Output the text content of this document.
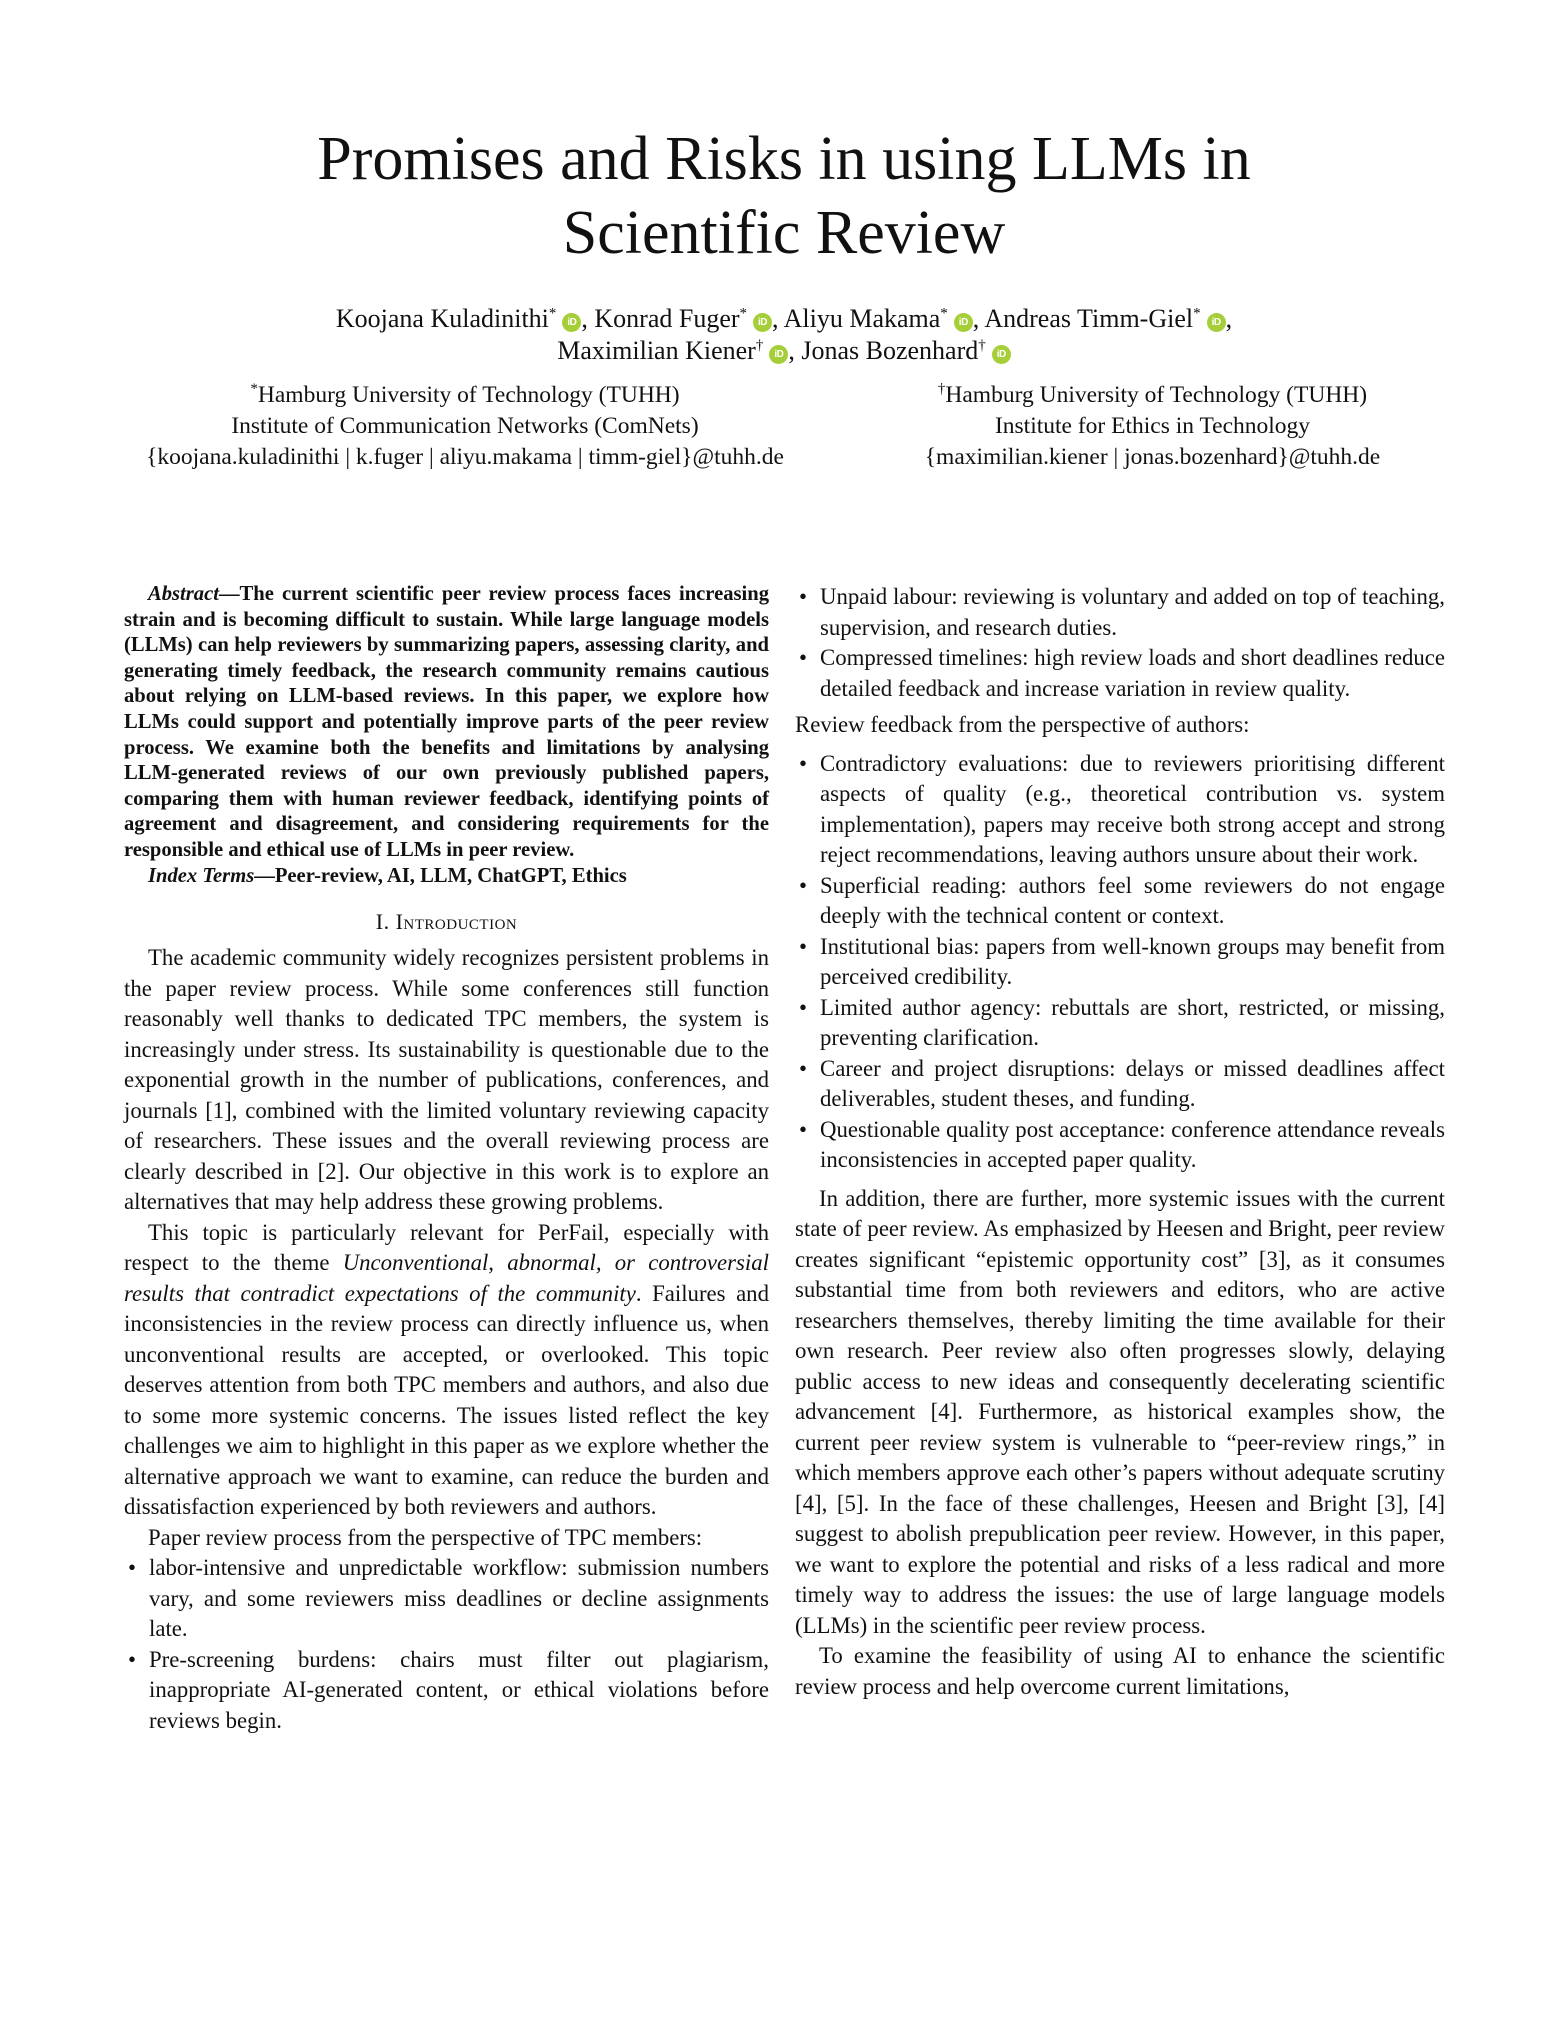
Promises and Risks in using LLMs in
Scientific Review
Koojana Kuladinithi*iD , Konrad Fuger*iD , Aliyu Makama*iD , Andreas Timm-Giel*iD ,
Maximilian Kiener†iD , Jonas Bozenhard†iD
*Hamburg University of Technology (TUHH)
Institute of Communication Networks (ComNets)
{koojana.kuladinithi | k.fuger | aliyu.makama | timm-giel}@tuhh.de
†Hamburg University of Technology (TUHH)
Institute for Ethics in Technology
{maximilian.kiener | jonas.bozenhard}@tuhh.de

Abstract—The current scientific peer review process faces increasing strain and is becoming difficult to sustain. While large language models (LLMs) can help reviewers by summarizing papers, assessing clarity, and generating timely feedback, the research community remains cautious about relying on LLM-based reviews. In this paper, we explore how LLMs could support and potentially improve parts of the peer review process. We examine both the benefits and limitations by analysing LLM-generated reviews of our own previously published papers, comparing them with human reviewer feedback, identifying points of agreement and disagreement, and considering requirements for the responsible and ethical use of LLMs in peer review.

Index Terms—Peer-review, AI, LLM, ChatGPT, Ethics

I. Introduction

The academic community widely recognizes persistent problems in the paper review process. While some conferences still function reasonably well thanks to dedicated TPC members, the system is increasingly under stress. Its sustainability is questionable due to the exponential growth in the number of publications, conferences, and journals [1], combined with the limited voluntary reviewing capacity of researchers. These issues and the overall reviewing process are clearly described in [2]. Our objective in this work is to explore an alternatives that may help address these growing problems.

This topic is particularly relevant for PerFail, especially with respect to the theme Unconventional, abnormal, or controversial results that contradict expectations of the community. Failures and inconsistencies in the review process can directly influence us, when unconventional results are accepted, or overlooked. This topic deserves attention from both TPC members and authors, and also due to some more systemic concerns. The issues listed reflect the key challenges we aim to highlight in this paper as we explore whether the alternative approach we want to examine, can reduce the burden and dissatisfaction experienced by both reviewers and authors.

Paper review process from the perspective of TPC members:

• labor-intensive and unpredictable workflow: submission numbers vary, and some reviewers miss deadlines or decline assignments late.
• Pre-screening burdens: chairs must filter out plagiarism, inappropriate AI-generated content, or ethical violations before reviews begin.
• Unpaid labour: reviewing is voluntary and added on top of teaching, supervision, and research duties.
• Compressed timelines: high review loads and short deadlines reduce detailed feedback and increase variation in review quality.

Review feedback from the perspective of authors:

• Contradictory evaluations: due to reviewers prioritising different aspects of quality (e.g., theoretical contribution vs. system implementation), papers may receive both strong accept and strong reject recommendations, leaving authors unsure about their work.
• Superficial reading: authors feel some reviewers do not engage deeply with the technical content or context.
• Institutional bias: papers from well-known groups may benefit from perceived credibility.
• Limited author agency: rebuttals are short, restricted, or missing, preventing clarification.
• Career and project disruptions: delays or missed deadlines affect deliverables, student theses, and funding.
• Questionable quality post acceptance: conference attendance reveals inconsistencies in accepted paper quality.

In addition, there are further, more systemic issues with the current state of peer review. As emphasized by Heesen and Bright, peer review creates significant “epistemic opportunity cost” [3], as it consumes substantial time from both reviewers and editors, who are active researchers themselves, thereby limiting the time available for their own research. Peer review also often progresses slowly, delaying public access to new ideas and consequently decelerating scientific advancement [4]. Furthermore, as historical examples show, the current peer review system is vulnerable to “peer-review rings,” in which members approve each other’s papers without adequate scrutiny [4], [5]. In the face of these challenges, Heesen and Bright [3], [4] suggest to abolish prepublication peer review. However, in this paper, we want to explore the potential and risks of a less radical and more timely way to address the issues: the use of large language models (LLMs) in the scientific peer review process.

To examine the feasibility of using AI to enhance the scientific review process and help overcome current limitations,
